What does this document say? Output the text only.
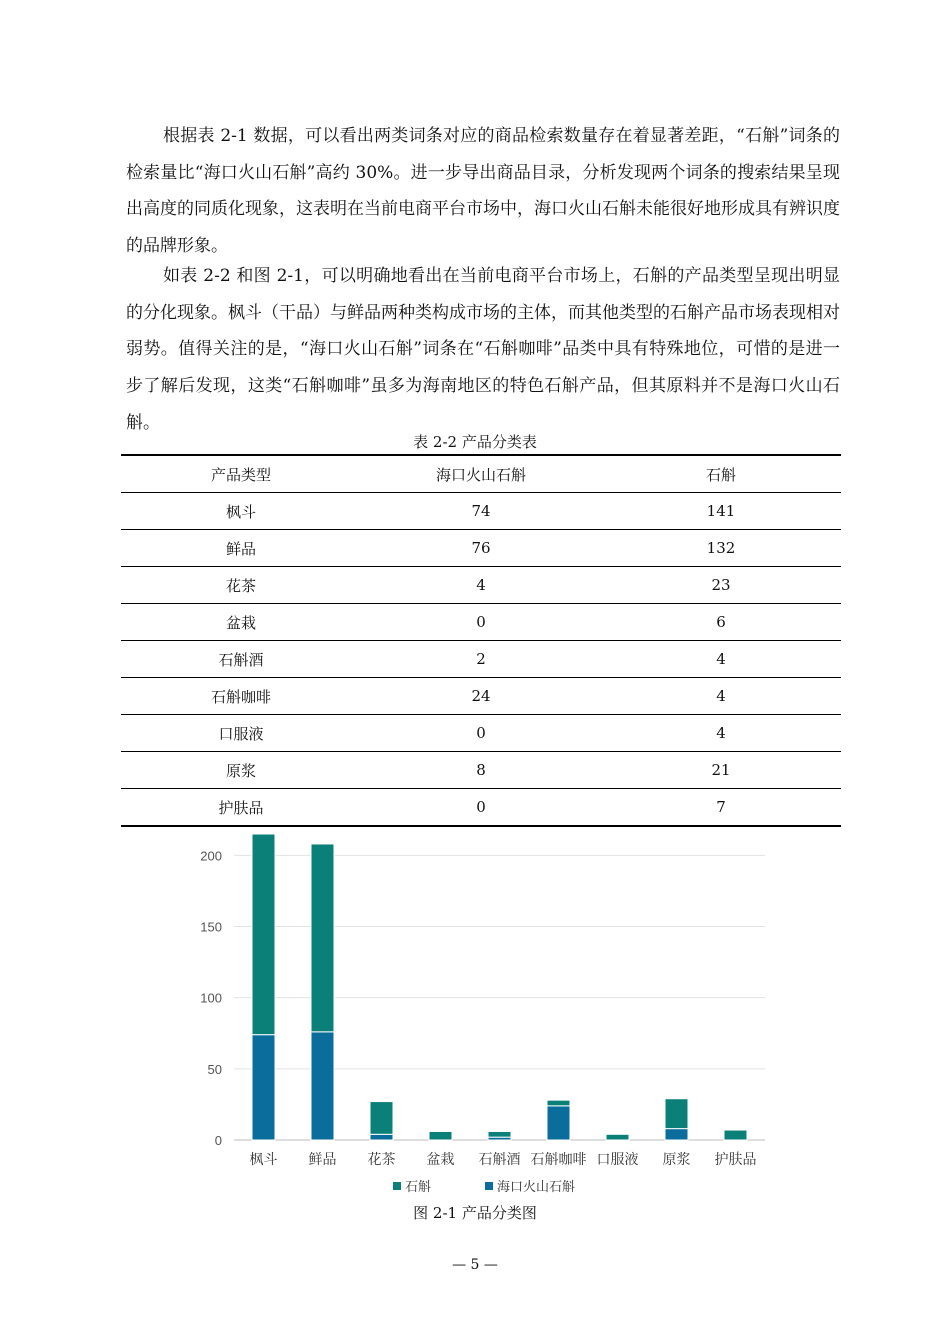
根据表 2-1 数据，可以看出两类词条对应的商品检索数量存在着显著差距，“石斛”词条的检索量比“海口火山石斛”高约 30%。进一步导出商品目录，分析发现两个词条的搜索结果呈现出高度的同质化现象，这表明在当前电商平台市场中，海口火山石斛未能很好地形成具有辨识度的品牌形象。

如表 2-2 和图 2-1，可以明确地看出在当前电商平台市场上，石斛的产品类型呈现出明显的分化现象。枫斗（干品）与鲜品两种类构成市场的主体，而其他类型的石斛产品市场表现相对弱势。值得关注的是，“海口火山石斛”词条在“石斛咖啡”品类中具有特殊地位，可惜的是进一步了解后发现，这类“石斛咖啡”虽多为海南地区的特色石斛产品，但其原料并不是海口火山石斛。

表 2-2 产品分类表
产品类型	海口火山石斛	石斛
枫斗	74	141
鲜品	76	132
花茶	4	23
盆栽	0	6
石斛酒	2	4
石斛咖啡	24	4
口服液	0	4
原浆	8	21
护肤品	0	7
0
50
100
150
200
枫斗 鲜品 花茶 盆栽 石斛酒 石斛咖啡 口服液 原浆 护肤品
石斛	海口火山石斛
图 2-1 产品分类图
— 5 —
